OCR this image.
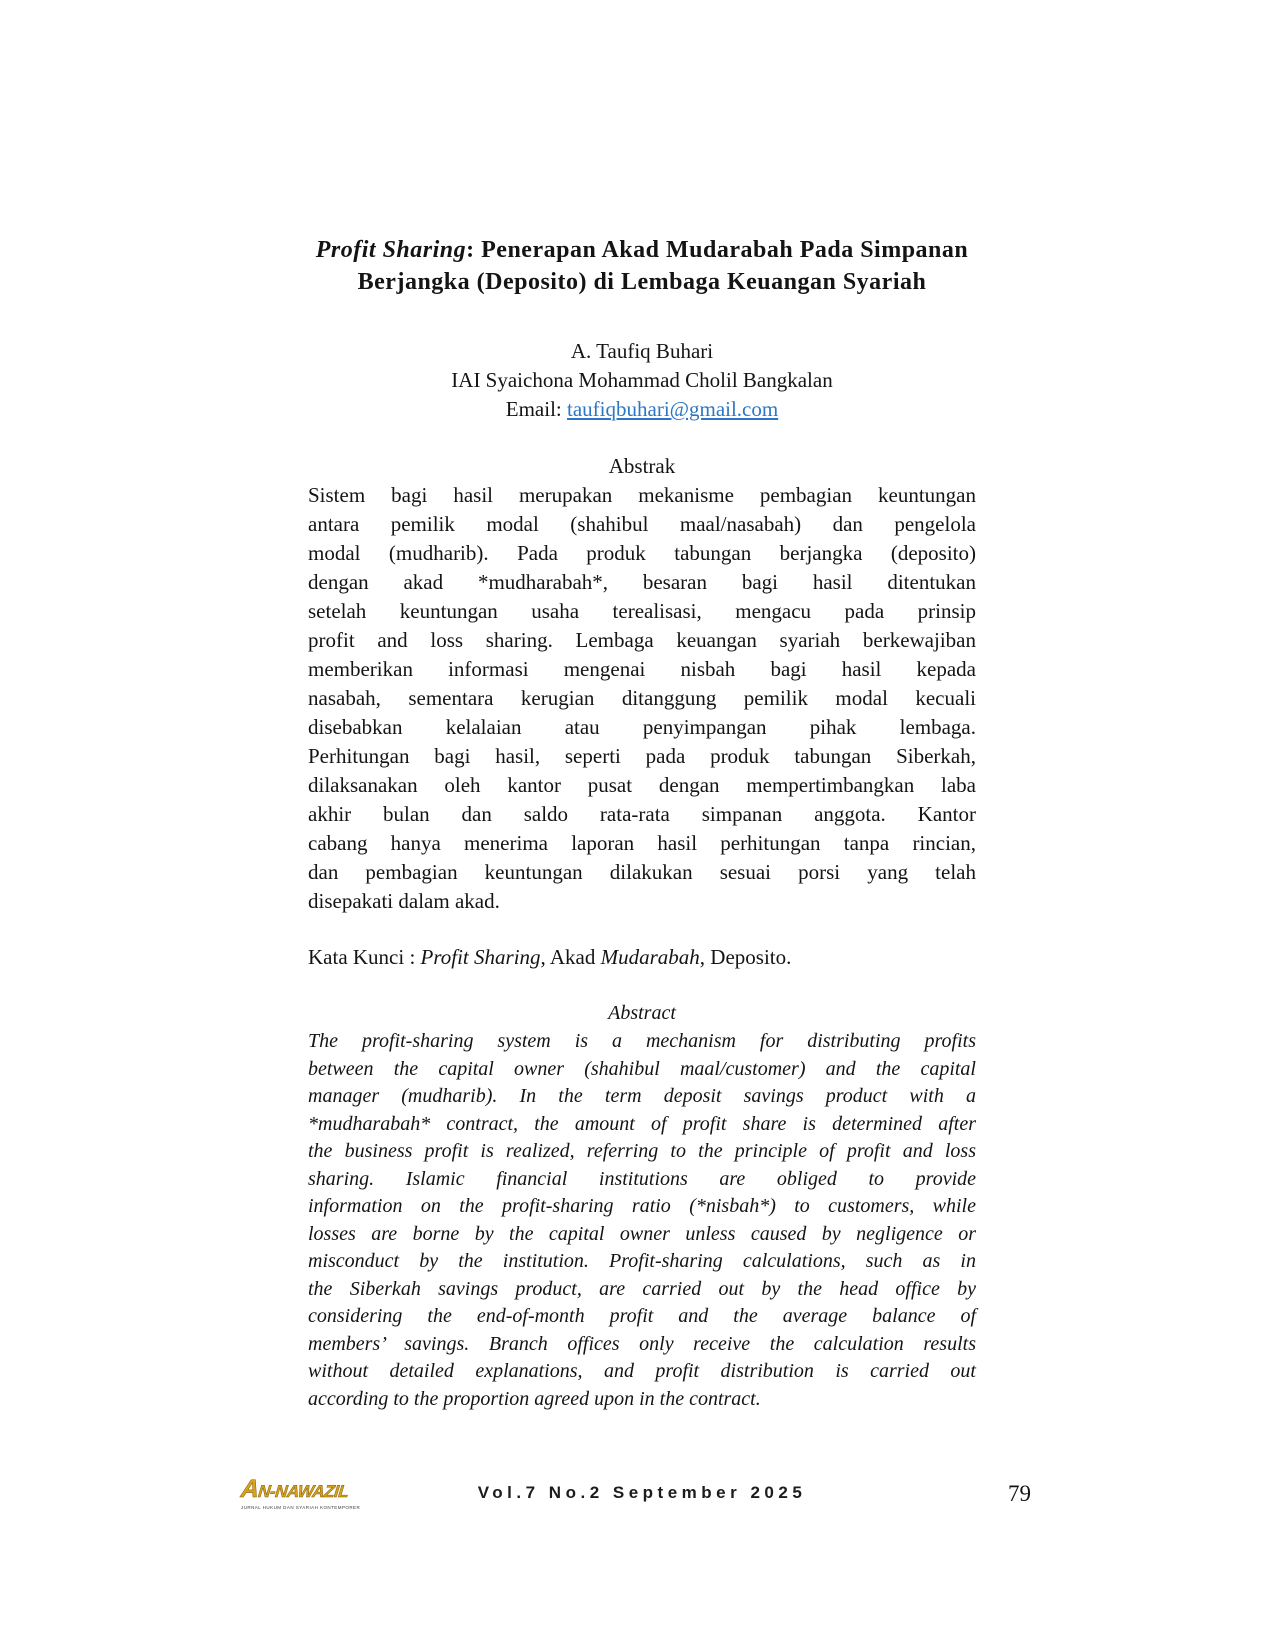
Profit Sharing: Penerapan Akad Mudarabah Pada Simpanan
Berjangka (Deposito) di Lembaga Keuangan Syariah
A. Taufiq Buhari
IAI Syaichona Mohammad Cholil Bangkalan
Email: taufiqbuhari@gmail.com
Abstrak
Sistem bagi hasil merupakan mekanisme pembagian keuntungan
antara pemilik modal (shahibul maal/nasabah) dan pengelola
modal (mudharib). Pada produk tabungan berjangka (deposito)
dengan akad *mudharabah*, besaran bagi hasil ditentukan
setelah keuntungan usaha terealisasi, mengacu pada prinsip
profit and loss sharing. Lembaga keuangan syariah berkewajiban
memberikan informasi mengenai nisbah bagi hasil kepada
nasabah, sementara kerugian ditanggung pemilik modal kecuali
disebabkan kelalaian atau penyimpangan pihak lembaga.
Perhitungan bagi hasil, seperti pada produk tabungan Siberkah,
dilaksanakan oleh kantor pusat dengan mempertimbangkan laba
akhir bulan dan saldo rata-rata simpanan anggota. Kantor
cabang hanya menerima laporan hasil perhitungan tanpa rincian,
dan pembagian keuntungan dilakukan sesuai porsi yang telah
disepakati dalam akad.
Kata Kunci : Profit Sharing, Akad Mudarabah, Deposito.
Abstract
The profit-sharing system is a mechanism for distributing profits
between the capital owner (shahibul maal/customer) and the capital
manager (mudharib). In the term deposit savings product with a
*mudharabah* contract, the amount of profit share is determined after
the business profit is realized, referring to the principle of profit and loss
sharing. Islamic financial institutions are obliged to provide
information on the profit-sharing ratio (*nisbah*) to customers, while
losses are borne by the capital owner unless caused by negligence or
misconduct by the institution. Profit-sharing calculations, such as in
the Siberkah savings product, are carried out by the head office by
considering the end-of-month profit and the average balance of
members’ savings. Branch offices only receive the calculation results
without detailed explanations, and profit distribution is carried out
according to the proportion agreed upon in the contract.
AN-NAWAZIL
JURNAL HUKUM DAN SYARIAH KONTEMPORER
Vol.7 No.2 September 2025	79
